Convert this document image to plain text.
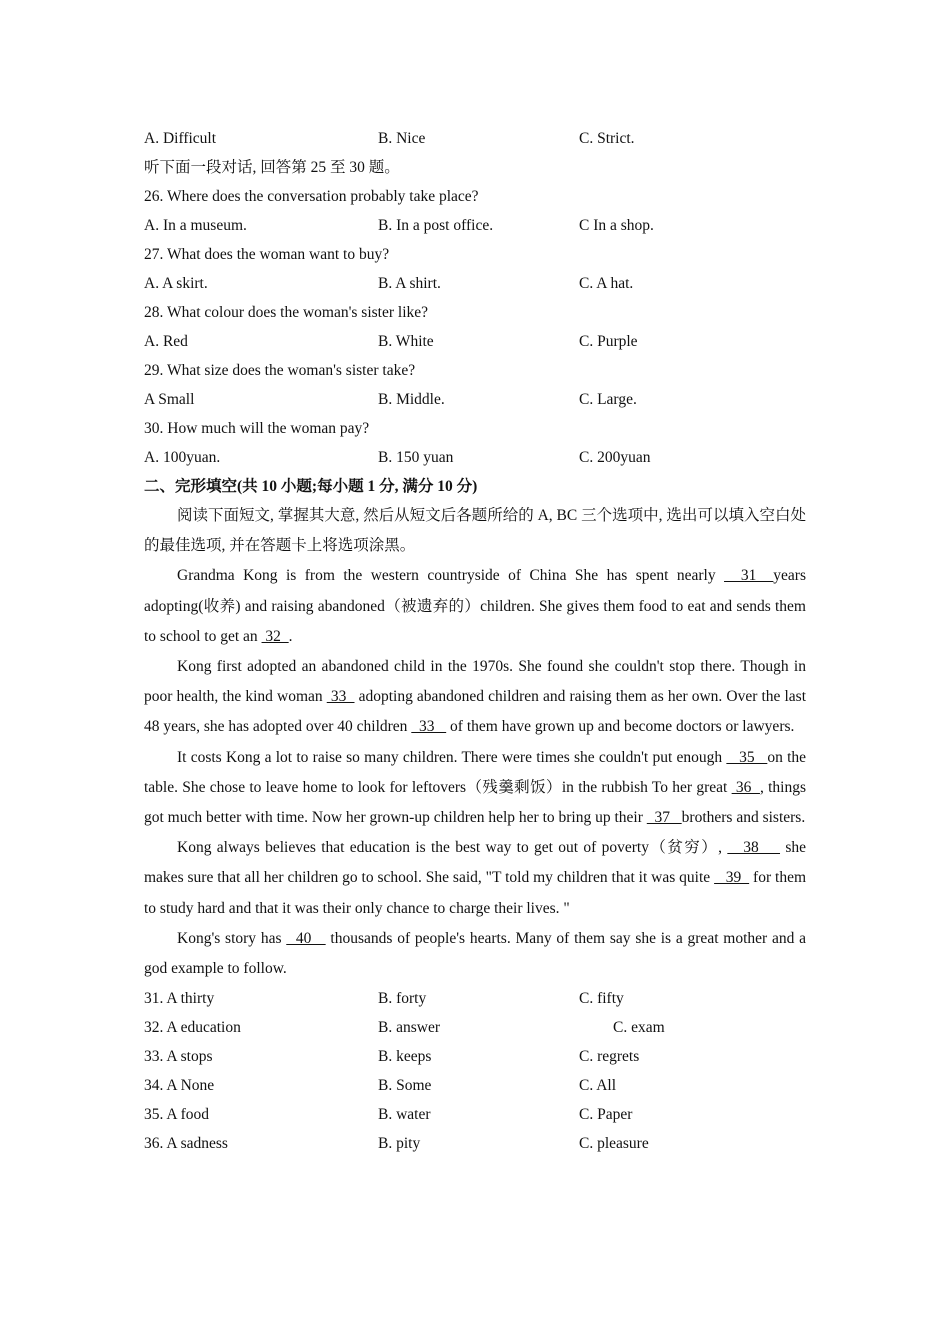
A. Difficult	B. Nice	C. Strict.
听下面一段对话, 回答第 25 至 30 题。
26. Where does the conversation probably take place?
A. In a museum.	B. In a post office.	C In a shop.
27. What does the woman want to buy?
A. A skirt.	B. A shirt.	C. A hat.
28. What colour does the woman's sister like?
A. Red	B. White	C. Purple
29. What size does the woman's sister take?
A Small	B. Middle.	C. Large.
30. How much will the woman pay?
A. 100yuan.	B. 150 yuan	C. 200yuan
二、完形填空(共 10 小题;每小题 1 分, 满分 10 分)

阅读下面短文, 掌握其大意, 然后从短文后各题所给的 A, BC 三个选项中, 选出可以填入空白处的最佳选项, 并在答题卡上将选项涂黑。

Grandma Kong is from the western countryside of China She has spent nearly   31  years adopting(收养) and raising abandoned（被遗弃的）children. She gives them food to eat and sends them to school to get an  32  .

Kong first adopted an abandoned child in the 1970s. She found she couldn't stop there. Though in poor health, the kind woman  33   adopting abandoned children and raising them as her own. Over the last 48 years, she has adopted over 40 children   33    of them have grown up and become doctors or lawyers.

It costs Kong a lot to raise so many children. There were times she couldn't put enough    35   on the table. She chose to leave home to look for leftovers（残羹剩饭）in the rubbish To her great  36  , things got much better with time. Now her grown-up children help her to bring up their   37   brothers and sisters.

Kong always believes that education is the best way to get out of poverty（贫穷）,    38     she makes sure that all her children go to school. She said, "T told my children that it was quite    39   for them to study hard and that it was their only chance to charge their lives. "

Kong's story has   40    thousands of people's hearts. Many of them say she is a great mother and a god example to follow.

31. A thirty	B. forty	C. fifty
32. A education	B. answer	C. exam
33. A stops	B. keeps	C. regrets
34. A None	B. Some	C. All
35. A food	B. water	C. Paper
36. A sadness	B. pity	C. pleasure
